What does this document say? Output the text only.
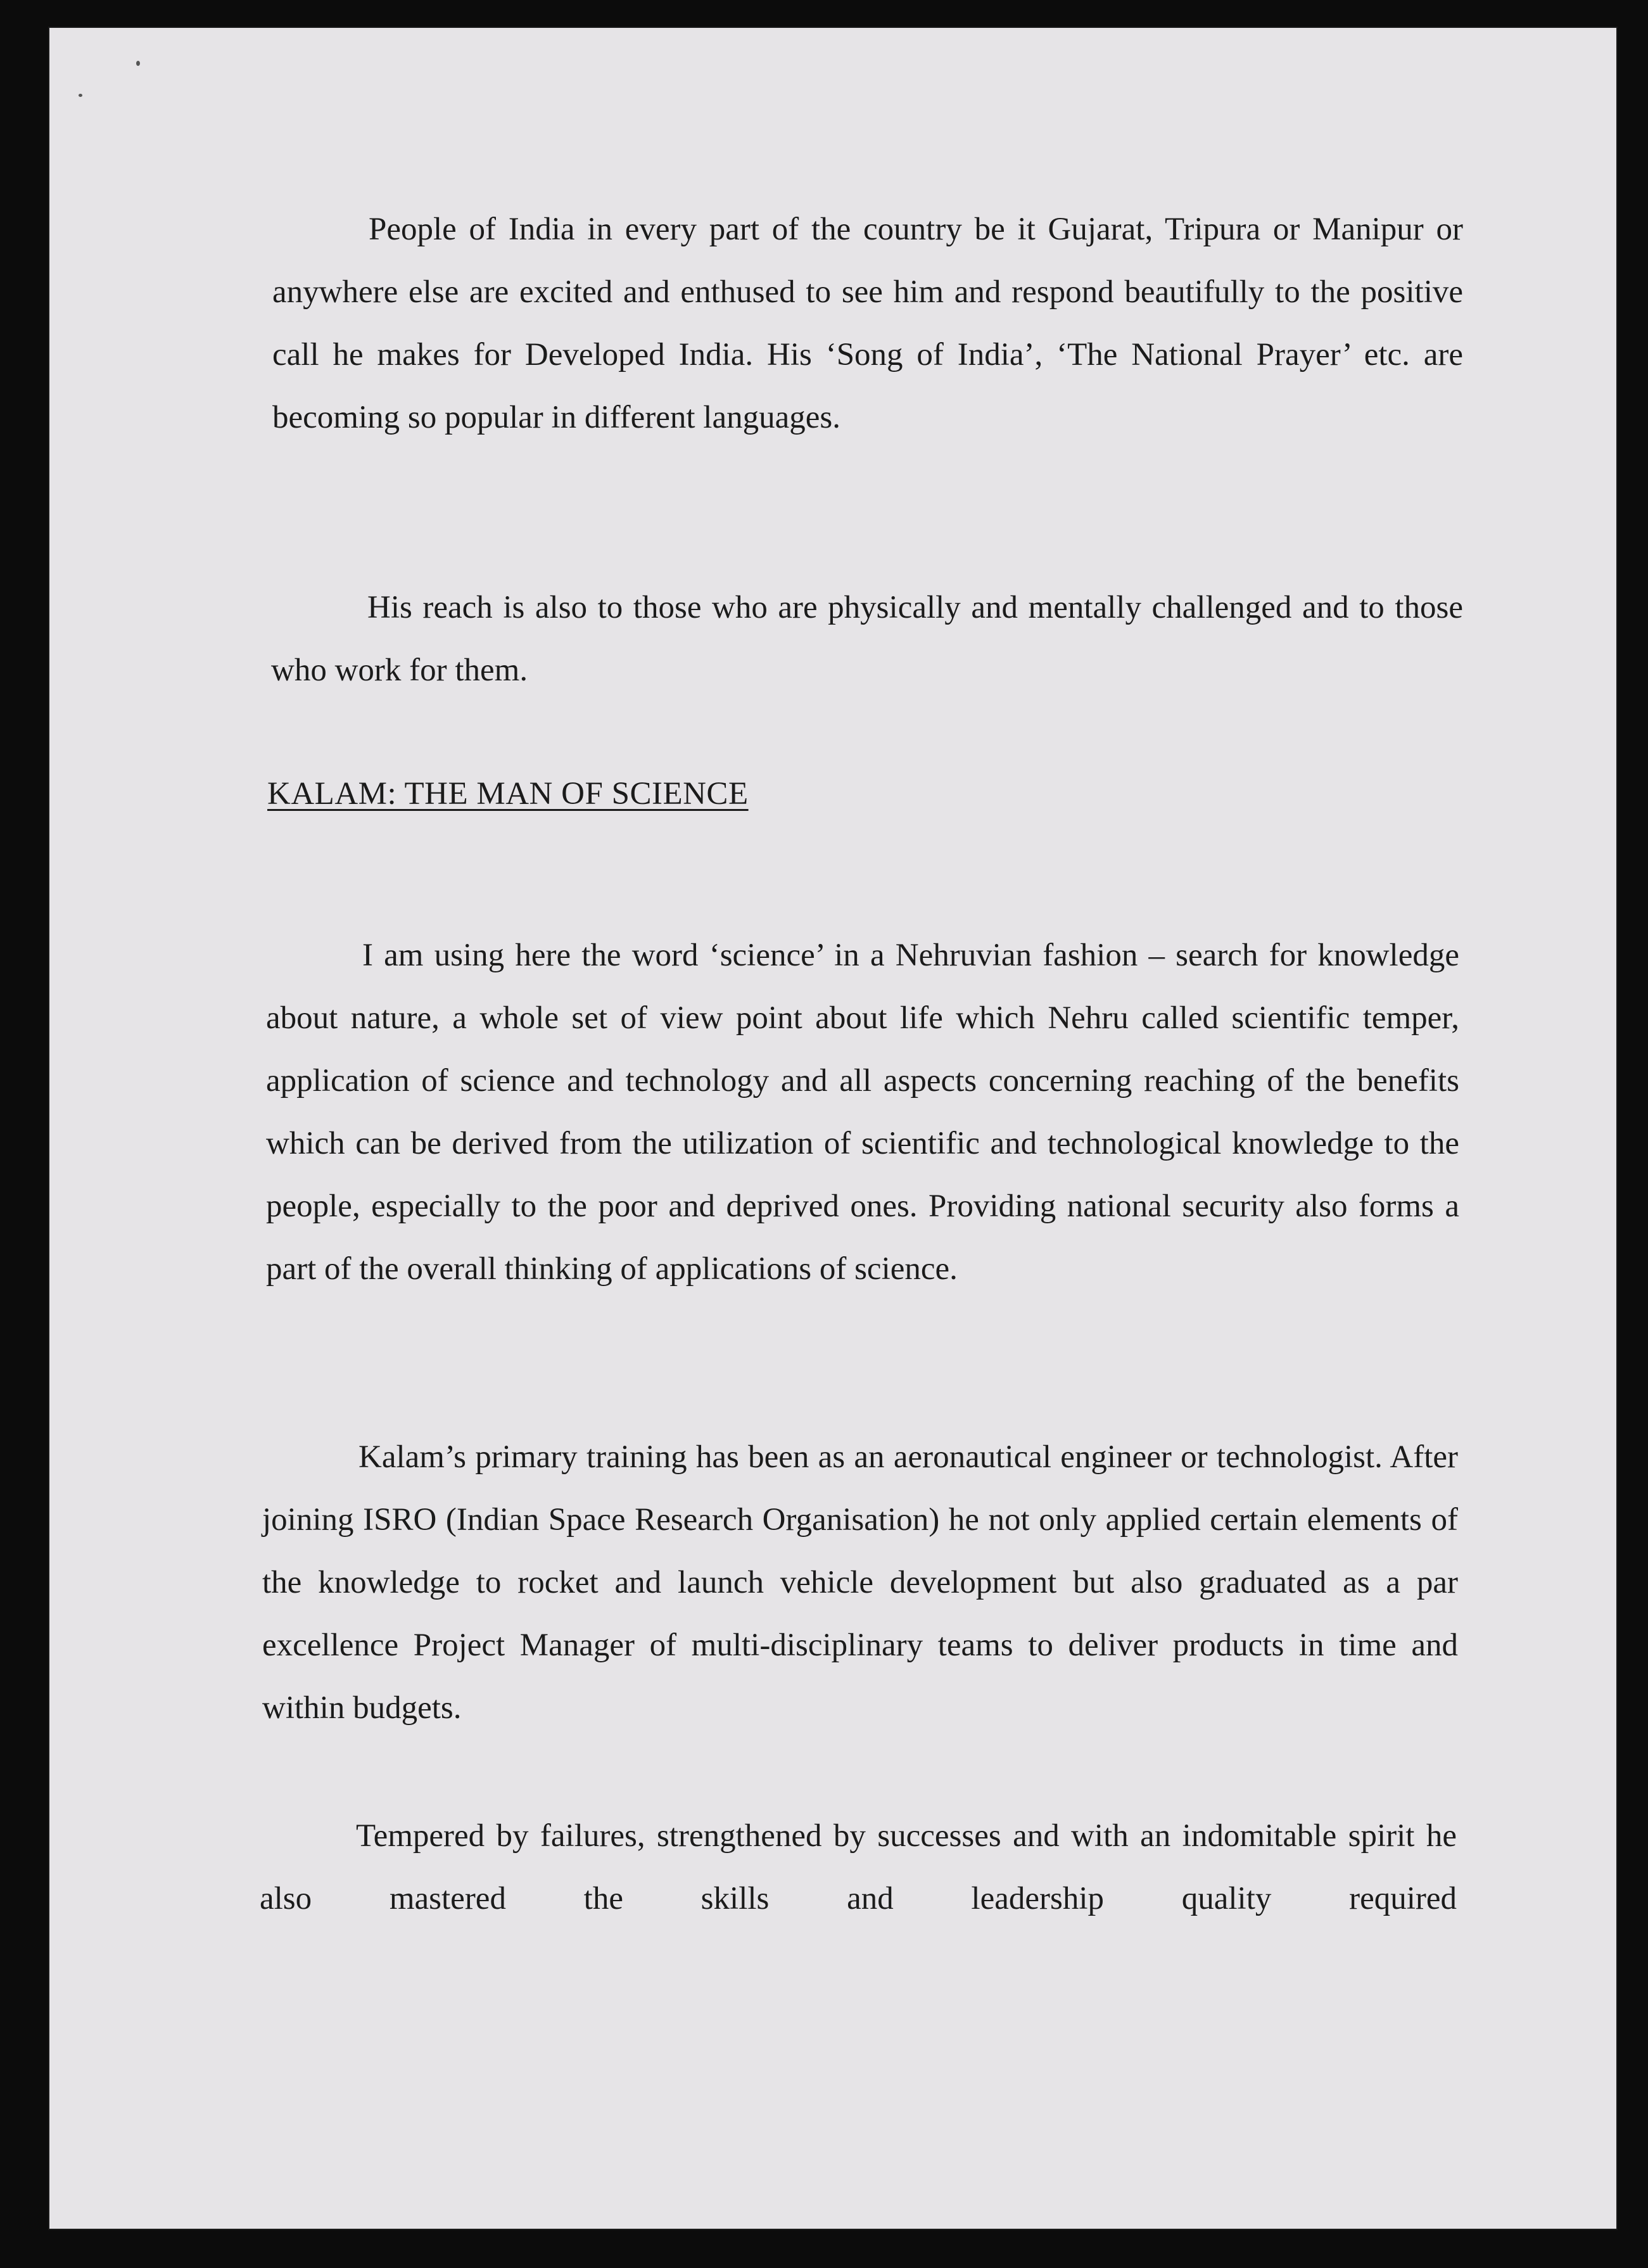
People of India in every part of the country be it Gujarat, Tripura or Manipur or anywhere else are excited and enthused to see him and respond beautifully to the positive call he makes for Developed India. His ‘Song of India’, ‘The National Prayer’ etc. are becoming so popular in different languages.

His reach is also to those who are physically and mentally challenged and to those who work for them.

KALAM: THE MAN OF SCIENCE

I am using here the word ‘science’ in a Nehruvian fashion – search for knowledge about nature, a whole set of view point about life which Nehru called scientific temper, application of science and technology and all aspects concerning reaching of the benefits which can be derived from the utilization of scientific and technological knowledge to the people, especially to the poor and deprived ones. Providing national security also forms a part of the overall thinking of applications of science.

Kalam’s primary training has been as an aeronautical engineer or technologist. After joining ISRO (Indian Space Research Organisation) he not only applied certain elements of the knowledge to rocket and launch vehicle development but also graduated as a par excellence Project Manager of multi-disciplinary teams to deliver products in time and within budgets.

Tempered by failures, strengthened by successes and with an indomitable spirit he also mastered the skills and leadership quality required
